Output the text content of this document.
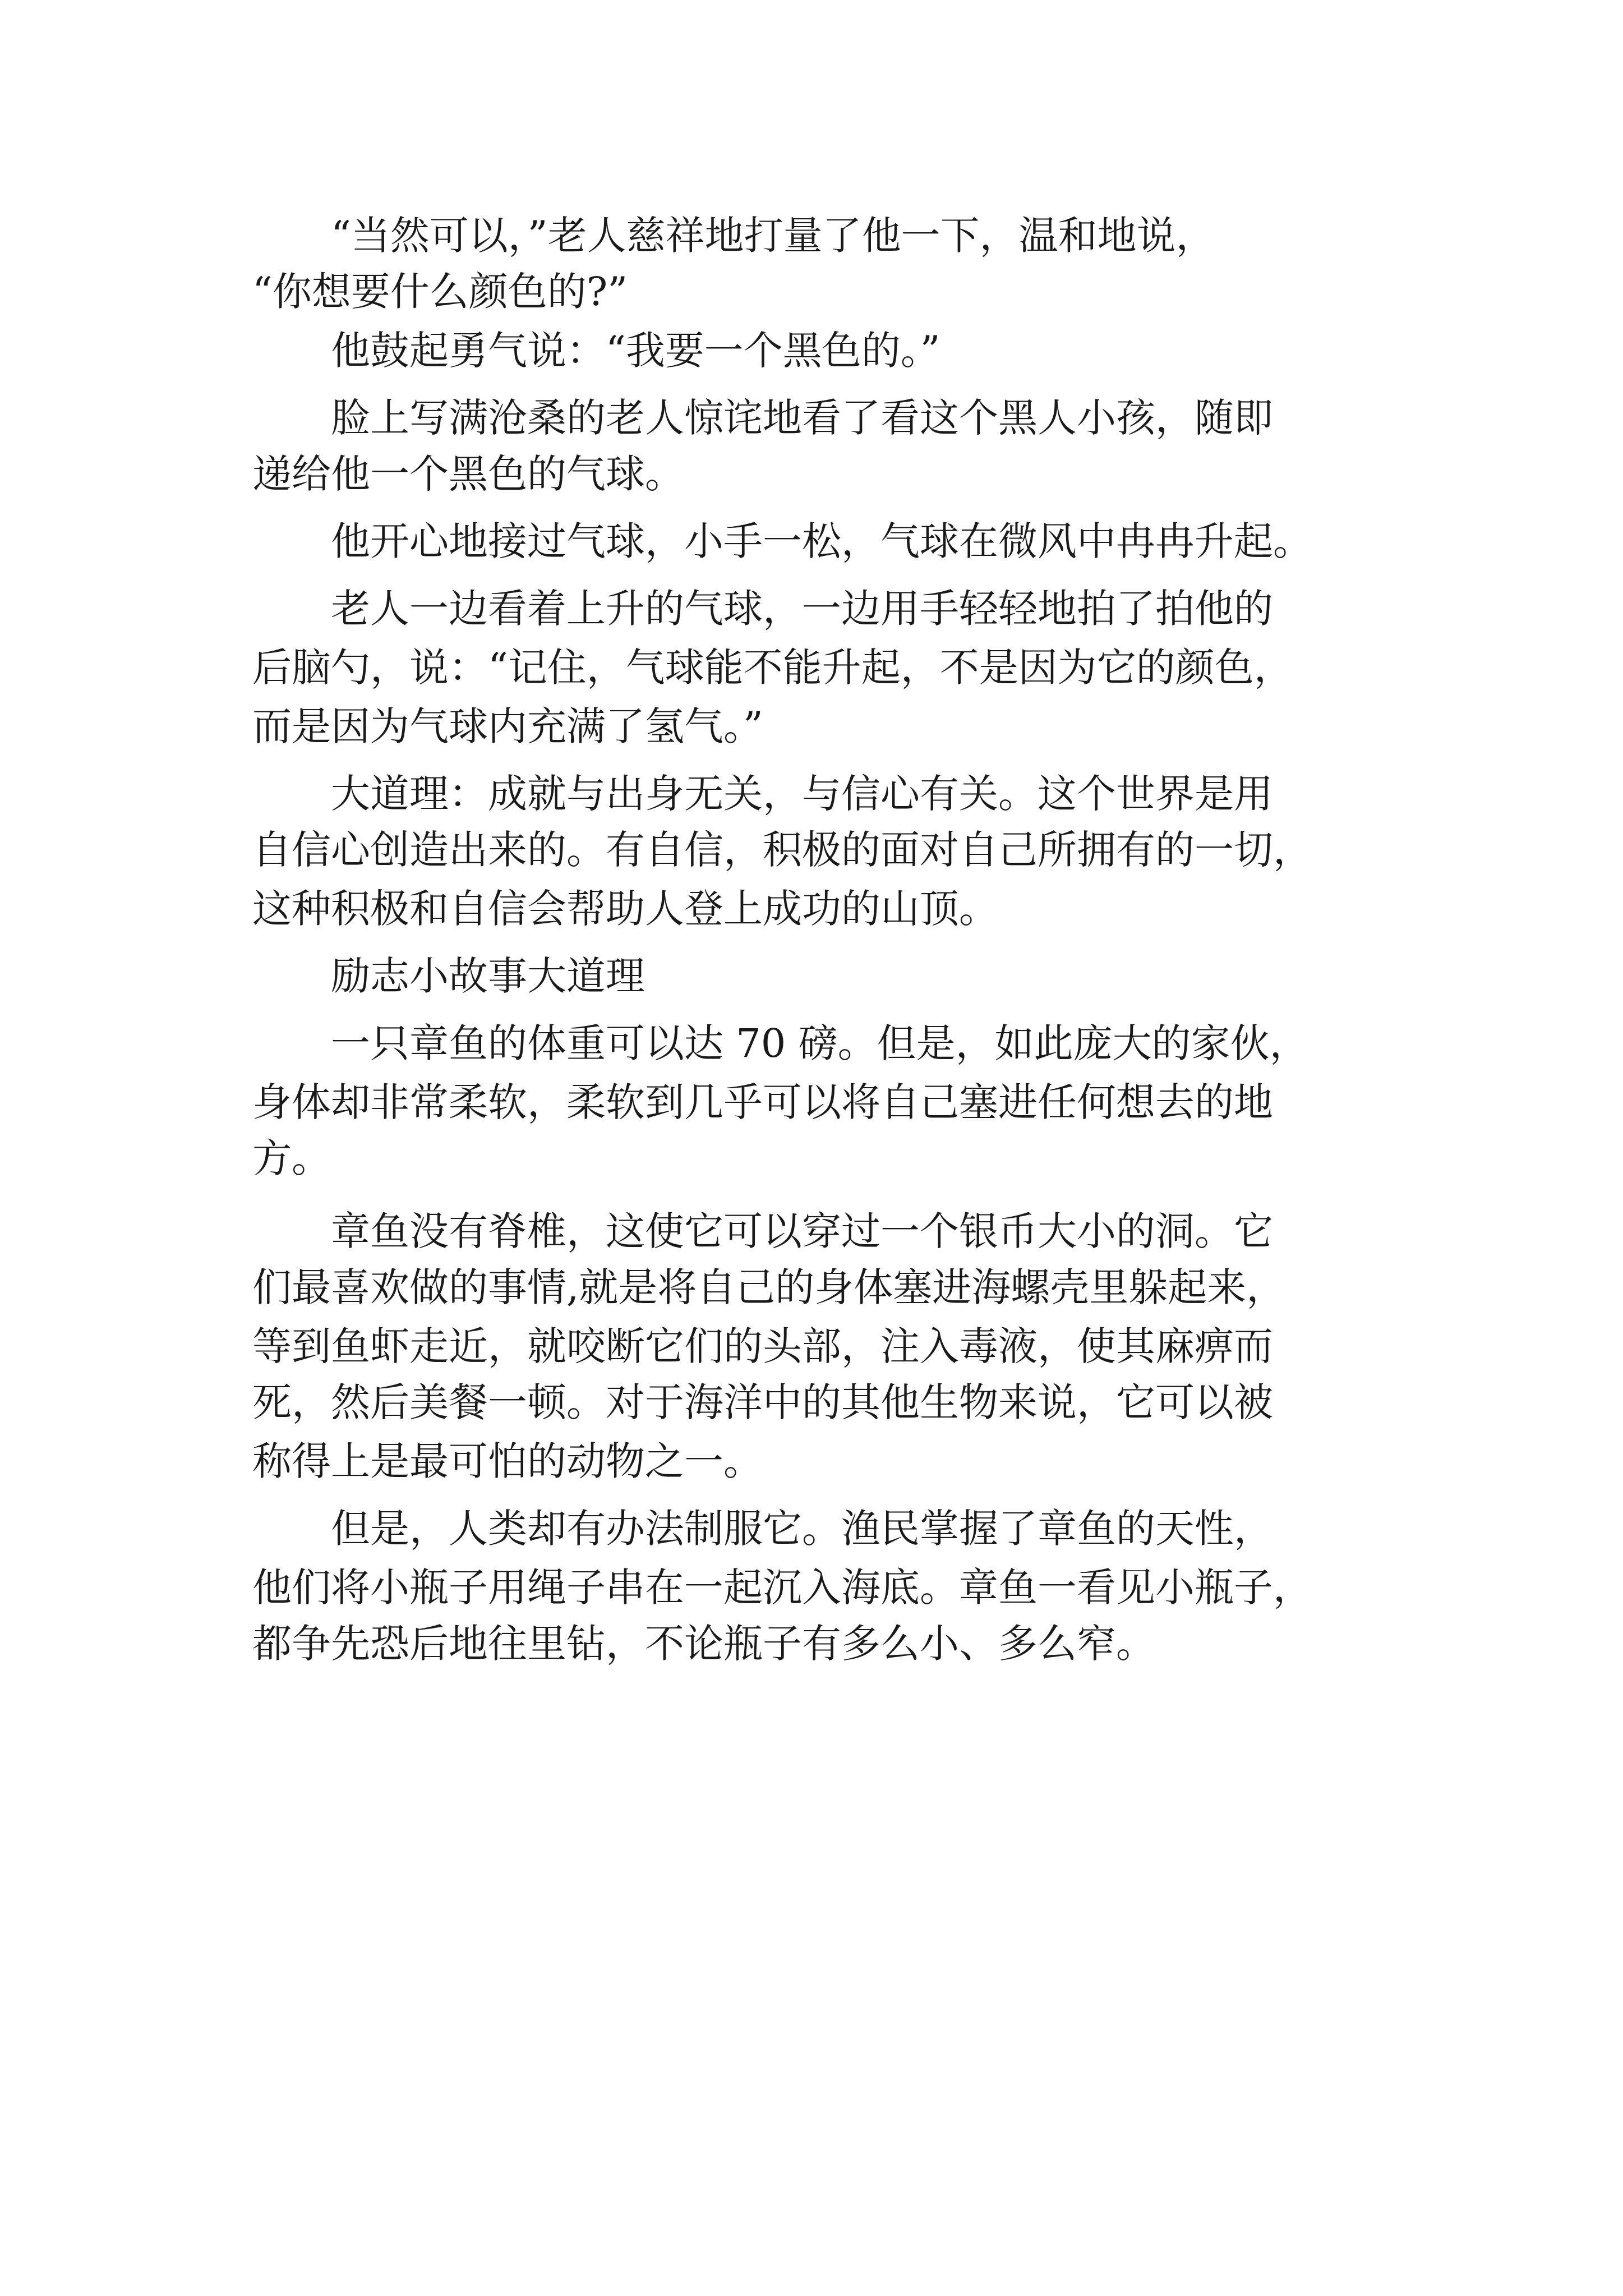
“当然可以，”老人慈祥地打量了他一下，温和地说，
“你想要什么颜色的?”
他鼓起勇气说：“我要一个黑色的。”
脸上写满沧桑的老人惊诧地看了看这个黑人小孩，随即
递给他一个黑色的气球。
他开心地接过气球，小手一松，气球在微风中冉冉升起。
老人一边看着上升的气球，一边用手轻轻地拍了拍他的
后脑勺，说：“记住，气球能不能升起，不是因为它的颜色，
而是因为气球内充满了氢气。”
大道理：成就与出身无关，与信心有关。这个世界是用
自信心创造出来的。有自信，积极的面对自己所拥有的一切，
这种积极和自信会帮助人登上成功的山顶。
励志小故事大道理
一只章鱼的体重可以达 70 磅。但是，如此庞大的家伙，
身体却非常柔软，柔软到几乎可以将自己塞进任何想去的地
方。
章鱼没有脊椎，这使它可以穿过一个银币大小的洞。它
们最喜欢做的事情,就是将自己的身体塞进海螺壳里躲起来，
等到鱼虾走近，就咬断它们的头部，注入毒液，使其麻痹而
死，然后美餐一顿。对于海洋中的其他生物来说，它可以被
称得上是最可怕的动物之一。
但是，人类却有办法制服它。渔民掌握了章鱼的天性，
他们将小瓶子用绳子串在一起沉入海底。章鱼一看见小瓶子，
都争先恐后地往里钻，不论瓶子有多么小、多么窄。
